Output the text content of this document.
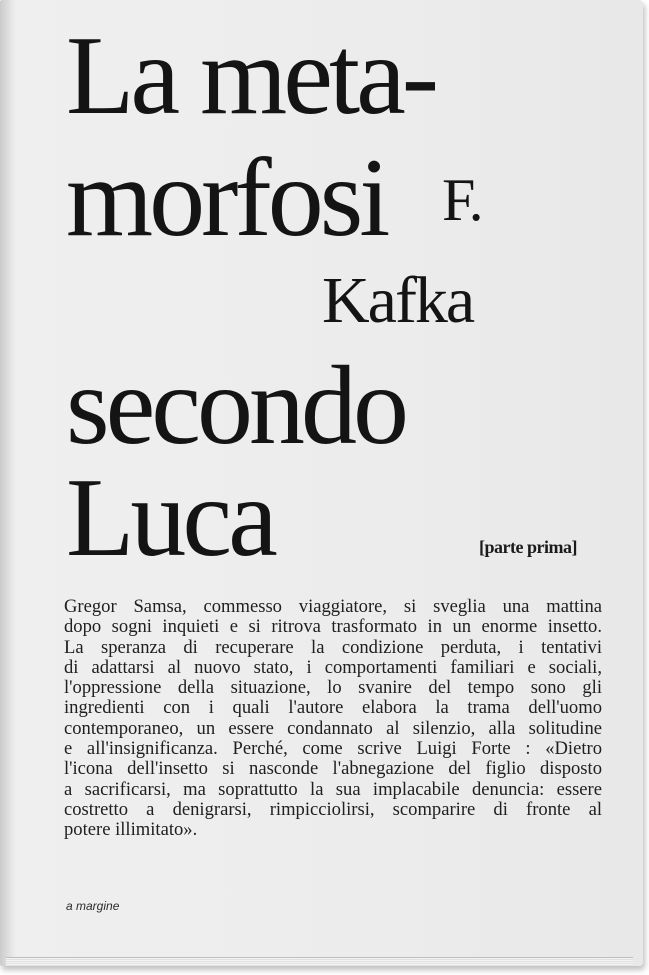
La meta-
morfosi F.
Kafka
secondo
Luca	[parte prima]
Gregor Samsa, commesso viaggiatore, si sveglia una mattina
dopo sogni inquieti e si ritrova trasformato in un enorme insetto.
La speranza di recuperare la condizione perduta, i tentativi
di adattarsi al nuovo stato, i comportamenti familiari e sociali,
l'oppressione della situazione, lo svanire del tempo sono gli
ingredienti con i quali l'autore elabora la trama dell'uomo
contemporaneo, un essere condannato al silenzio, alla solitudine
e all'insignificanza. Perché, come scrive Luigi Forte : «Dietro
l'icona dell'insetto si nasconde l'abnegazione del figlio disposto
a sacrificarsi, ma soprattutto la sua implacabile denuncia: essere
costretto a denigrarsi, rimpicciolirsi, scomparire di fronte al
potere illimitato».
a margine
